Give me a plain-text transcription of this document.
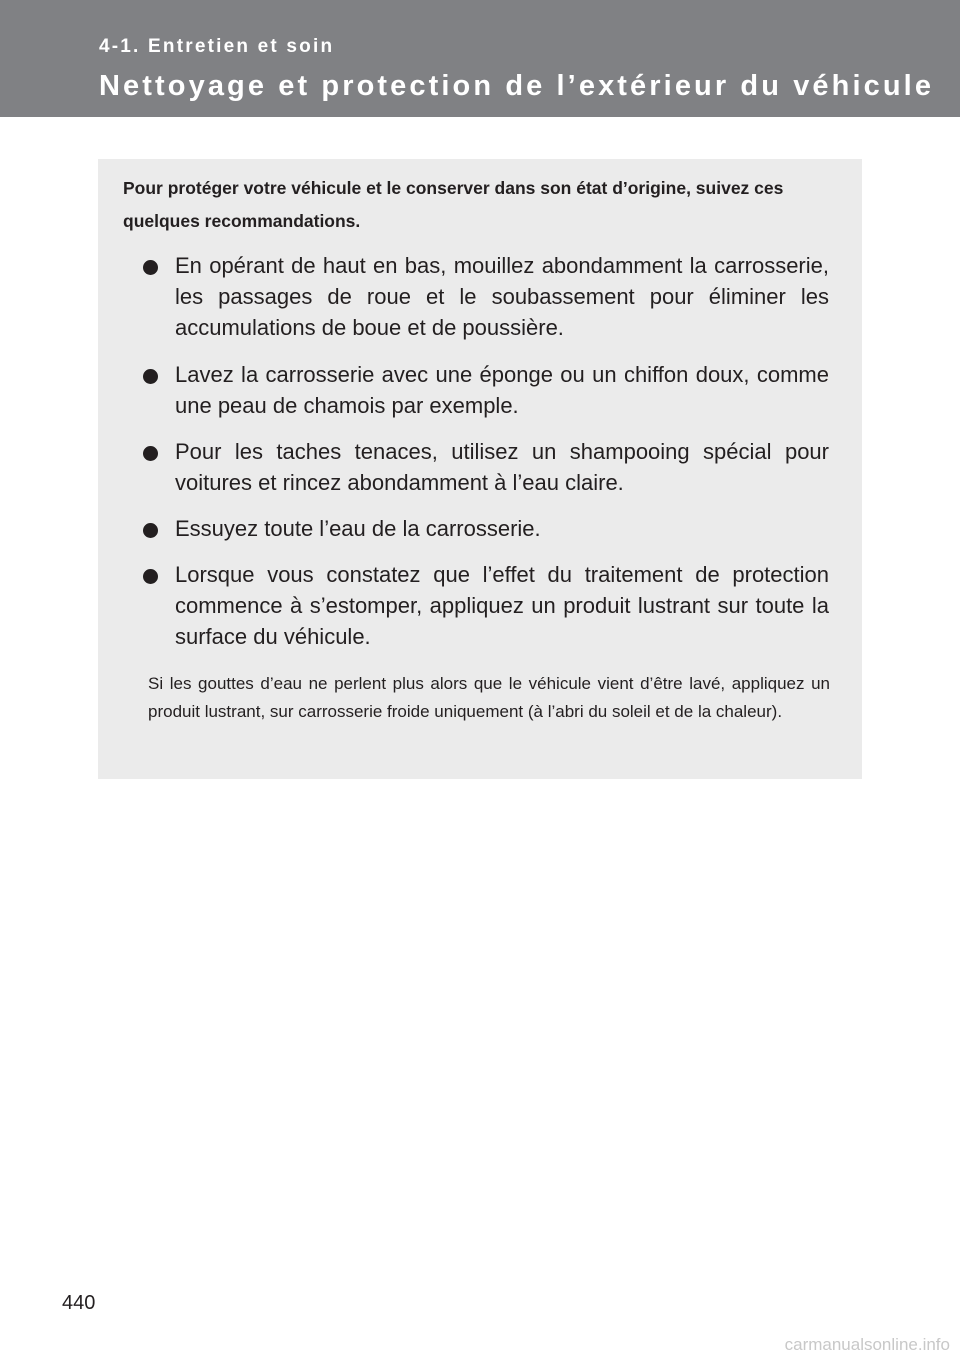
4-1. Entretien et soin
Nettoyage et protection de l’extérieur du véhicule
Pour protéger votre véhicule et le conserver dans son état d’origine, suivez ces quelques recommandations.
En opérant de haut en bas, mouillez abondamment la carrosserie, les passages de roue et le soubassement pour éliminer les accumulations de boue et de poussière.
Lavez la carrosserie avec une éponge ou un chiffon doux, comme une peau de chamois par exemple.
Pour les taches tenaces, utilisez un shampooing spécial pour voitures et rincez abondamment à l’eau claire.
Essuyez toute l’eau de la carrosserie.
Lorsque vous constatez que l’effet du traitement de protection commence à s’estomper, appliquez un produit lustrant sur toute la surface du véhicule.
Si les gouttes d’eau ne perlent plus alors que le véhicule vient d’être lavé, appliquez un produit lustrant, sur carrosserie froide uniquement (à l’abri du soleil et de la chaleur).
440
carmanualsonline.info
